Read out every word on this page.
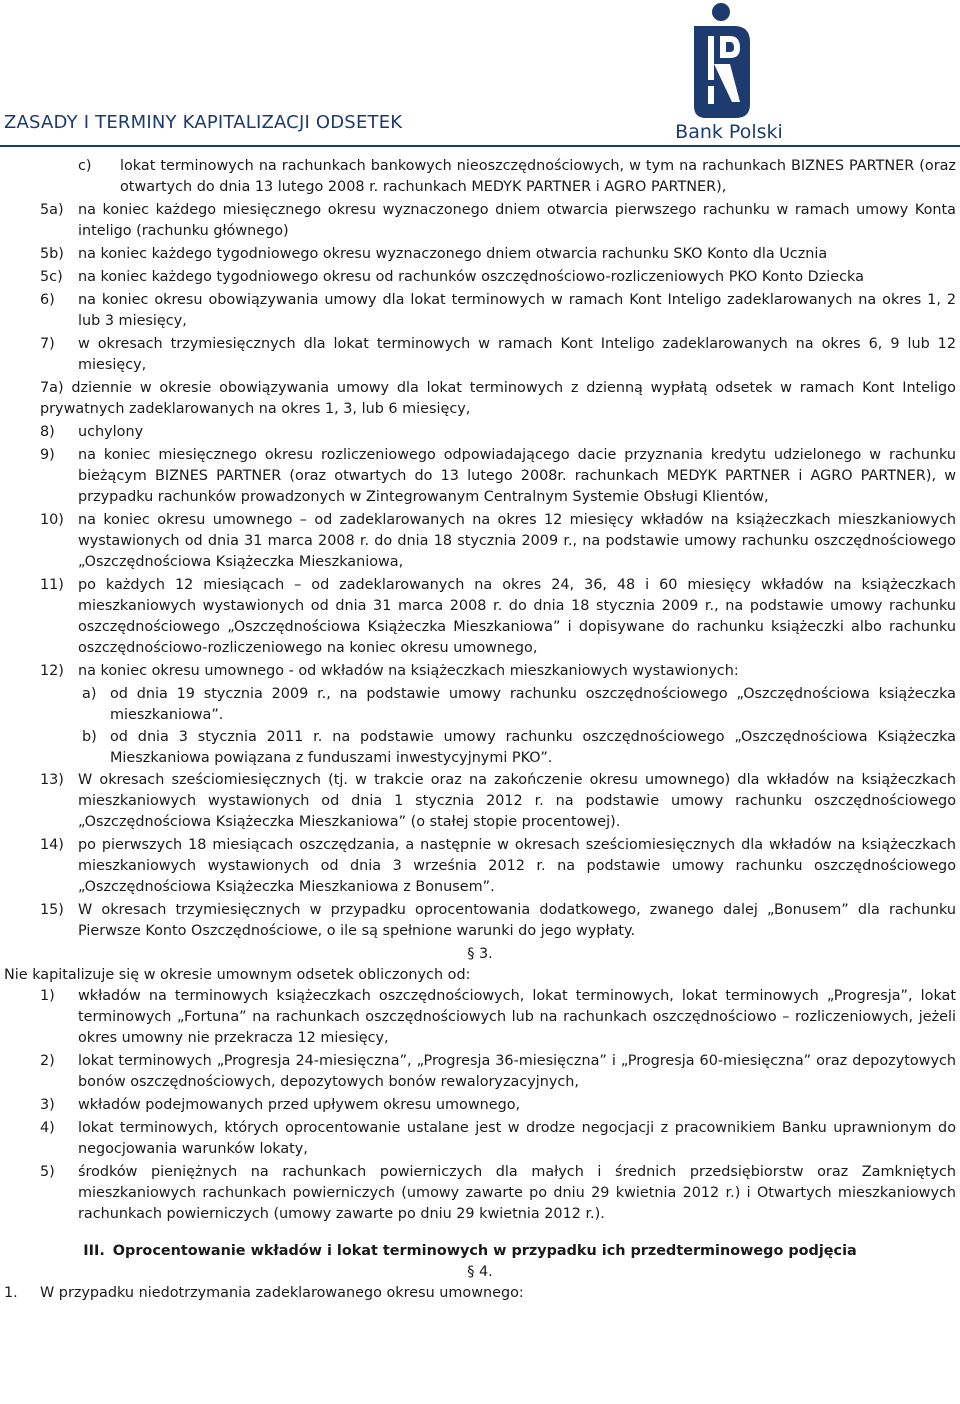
ZASADY I TERMINY KAPITALIZACJI ODSETEK	Bank Polski
c) lokat terminowych na rachunkach bankowych nieoszczędnościowych, w tym na rachunkach BIZNES PARTNER (oraz otwartych do dnia 13 lutego 2008 r. rachunkach MEDYK PARTNER i AGRO PARTNER),
5a) na koniec każdego miesięcznego okresu wyznaczonego dniem otwarcia pierwszego rachunku w ramach umowy Konta inteligo (rachunku głównego)
5b) na koniec każdego tygodniowego okresu wyznaczonego dniem otwarcia rachunku SKO Konto dla Ucznia
5c) na koniec każdego tygodniowego okresu od rachunków oszczędnościowo-rozliczeniowych PKO Konto Dziecka
6) na koniec okresu obowiązywania umowy dla lokat terminowych w ramach Kont Inteligo zadeklarowanych na okres 1, 2 lub 3 miesięcy,
7) w okresach trzymiesięcznych dla lokat terminowych w ramach Kont Inteligo zadeklarowanych na okres 6, 9 lub 12 miesięcy,
7a) dziennie w okresie obowiązywania umowy dla lokat terminowych z dzienną wypłatą odsetek w ramach Kont Inteligo prywatnych zadeklarowanych na okres 1, 3, lub 6 miesięcy,
8) uchylony
9) na koniec miesięcznego okresu rozliczeniowego odpowiadającego dacie przyznania kredytu udzielonego w rachunku bieżącym BIZNES PARTNER (oraz otwartych do 13 lutego 2008r. rachunkach MEDYK PARTNER i AGRO PARTNER), w przypadku rachunków prowadzonych w Zintegrowanym Centralnym Systemie Obsługi Klientów,
10) na koniec okresu umownego – od zadeklarowanych na okres 12 miesięcy wkładów na książeczkach mieszkaniowych wystawionych od dnia 31 marca 2008 r. do dnia 18 stycznia 2009 r., na podstawie umowy rachunku oszczędnościowego „Oszczędnościowa Książeczka Mieszkaniowa,
11) po każdych 12 miesiącach – od zadeklarowanych na okres 24, 36, 48 i 60 miesięcy wkładów na książeczkach mieszkaniowych wystawionych od dnia 31 marca 2008 r. do dnia 18 stycznia 2009 r., na podstawie umowy rachunku oszczędnościowego „Oszczędnościowa Książeczka Mieszkaniowa” i dopisywane do rachunku książeczki albo rachunku oszczędnościowo-rozliczeniowego na koniec okresu umownego,
12) na koniec okresu umownego - od wkładów na książeczkach mieszkaniowych wystawionych:
a) od dnia 19 stycznia 2009 r., na podstawie umowy rachunku oszczędnościowego „Oszczędnościowa książeczka mieszkaniowa”.
b) od dnia 3 stycznia 2011 r. na podstawie umowy rachunku oszczędnościowego „Oszczędnościowa Książeczka Mieszkaniowa powiązana z funduszami inwestycyjnymi PKO”.
13) W okresach sześciomiesięcznych (tj. w trakcie oraz na zakończenie okresu umownego) dla wkładów na książeczkach mieszkaniowych wystawionych od dnia 1 stycznia 2012 r. na podstawie umowy rachunku oszczędnościowego „Oszczędnościowa Książeczka Mieszkaniowa” (o stałej stopie procentowej).
14) po pierwszych 18 miesiącach oszczędzania, a następnie w okresach sześciomiesięcznych dla wkładów na książeczkach mieszkaniowych wystawionych od dnia 3 września 2012 r. na podstawie umowy rachunku oszczędnościowego „Oszczędnościowa Książeczka Mieszkaniowa z Bonusem”.
15) W okresach trzymiesięcznych w przypadku oprocentowania dodatkowego, zwanego dalej „Bonusem” dla rachunku Pierwsze Konto Oszczędnościowe, o ile są spełnione warunki do jego wypłaty.
§ 3.
Nie kapitalizuje się w okresie umownym odsetek obliczonych od:
1) wkładów na terminowych książeczkach oszczędnościowych, lokat terminowych, lokat terminowych „Progresja”, lokat terminowych „Fortuna” na rachunkach oszczędnościowych lub na rachunkach oszczędnościowo – rozliczeniowych, jeżeli okres umowny nie przekracza 12 miesięcy,
2) lokat terminowych „Progresja 24-miesięczna”, „Progresja 36-miesięczna” i „Progresja 60-miesięczna” oraz depozytowych bonów oszczędnościowych, depozytowych bonów rewaloryzacyjnych,
3) wkładów podejmowanych przed upływem okresu umownego,
4) lokat terminowych, których oprocentowanie ustalane jest w drodze negocjacji z pracownikiem Banku uprawnionym do negocjowania warunków lokaty,
5) środków pieniężnych na rachunkach powierniczych dla małych i średnich przedsiębiorstw oraz Zamkniętych mieszkaniowych rachunkach powierniczych (umowy zawarte po dniu 29 kwietnia 2012 r.) i Otwartych mieszkaniowych rachunkach powierniczych (umowy zawarte po dniu 29 kwietnia 2012 r.).
III. Oprocentowanie wkładów i lokat terminowych w przypadku ich przedterminowego podjęcia
§ 4.
1. W przypadku niedotrzymania zadeklarowanego okresu umownego:
